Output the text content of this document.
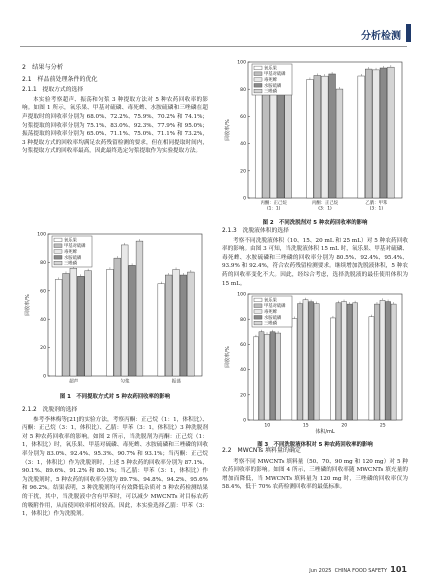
分析检测
2　结果与分析
2.1　样品前处理条件的优化
2.1.1　提取方式的选择

本实验考察超声、振荡和匀浆 3 种提取方法对 5 种农药回收率的影响。如图 1 所示，氧乐果、甲基对硫磷、毒死蜱、水胺硫磷和三唑磷在超声提取时的回收率分别为 68.0%、72.2%、75.9%、70.2% 和 74.1%；匀浆提取的回收率分别为 75.1%、83.0%、92.3%、77.9% 和 95.0%；振荡提取的回收率分别为 65.0%、71.1%、75.0%、71.1% 和 73.2%，3 种提取方式的回收率均满足农药残留检测的要求，但在相同提取时间内，匀浆提取方式的回收率最高，因此最终选定匀浆提取作为实验提取方法。

0
20
40
60
80
100
回收率/%
超声	匀浆	振荡
氧乐果
甲基对硫磷
毒死蜱
水胺硫磷
三唑磷
图 1　不同提取方式对 5 种农药回收率的影响
2.1.2　洗脱剂的选择

参考李林梅等[21]的实验方法，考察丙酮：正己烷（1：1，体积比）、丙酮：正己烷（3：1，体积比）、乙腈：甲苯（3：1，体积比）3 种洗脱剂对 5 种农药回收率的影响。如图 2 所示，当洗脱剂为丙酮：正己烷（1：1，体积比）时，氧乐果、甲基对硫磷、毒死蜱、水胺硫磷和三唑磷的回收率分别为 83.0%、92.4%、95.3%、90.7% 和 93.1%；当丙酮：正己烷（3：1，体积比）作为洗脱剂时，上述 5 种农药的回收率分别为 87.1%、90.1%、89.6%、91.2% 和 80.1%；当乙腈：甲苯（3：1，体积比）作为洗脱剂时，5 种农药的回收率分别为 89.7%、94.8%、94.2%、95.6% 和 96.2%。结果表明，3 种洗脱剂均可有效降低杂质对 5 种农药检测结果的干扰，其中，当洗脱液中含有甲苯时，可以减少 MWCNTs 对目标农药的吸附作用，从而使回收率相对较高。因此，本实验选择乙腈：甲苯（3：1，体积比）作为洗脱剂。

0
20
40
60
80
100
回收率/%
丙酮：正己烷
(1：1)
丙酮：正己烷
(3：1)
乙腈：甲苯
(3：1)
氧乐果
甲基对硫磷
毒死蜱
水胺硫磷
三唑磷
图 2　不同洗脱剂对 5 种农药回收率的影响
2.1.3　洗脱液体积的选择

考察不同洗脱液体积（10、15、20 mL 和 25 mL）对 5 种农药回收率的影响。由图 3 可知，当洗脱液体积 15 mL 时，氧乐果、甲基对硫磷、毒死蜱、水胺硫磷和三唑磷的回收率分别为 80.5%、92.4%、95.4%、93.9% 和 92.4%，符合农药残留检测要求。继续增加洗脱液体积，5 种农药的回收率变化不大。因此，经综合考虑，选择洗脱液的最佳使用体积为 15 mL。

0
20
40
60
80
100
回收率/%
10	15	20	25
体积/mL
氧乐果
甲基对硫磷
毒死蜱
水胺硫磷
三唑磷
图 3　不同洗脱液体积对 5 种农药回收率的影响
2.2　MWCNTs 填料量的确定

考察不同 MWCNTs 填料量（50、70、90 mg 和 120 mg）对 5 种农药回收率的影响。如图 4 所示，三唑磷的回收率随 MWCNTs 填充量的增加而降低，当 MWCNTs 填料量为 120 mg 时，三唑磷的回收率仅为 58.4%，低于 70% 农药检测回收率的最低标准。

Jun 2025 CHINA FOOD SAFETY 101
